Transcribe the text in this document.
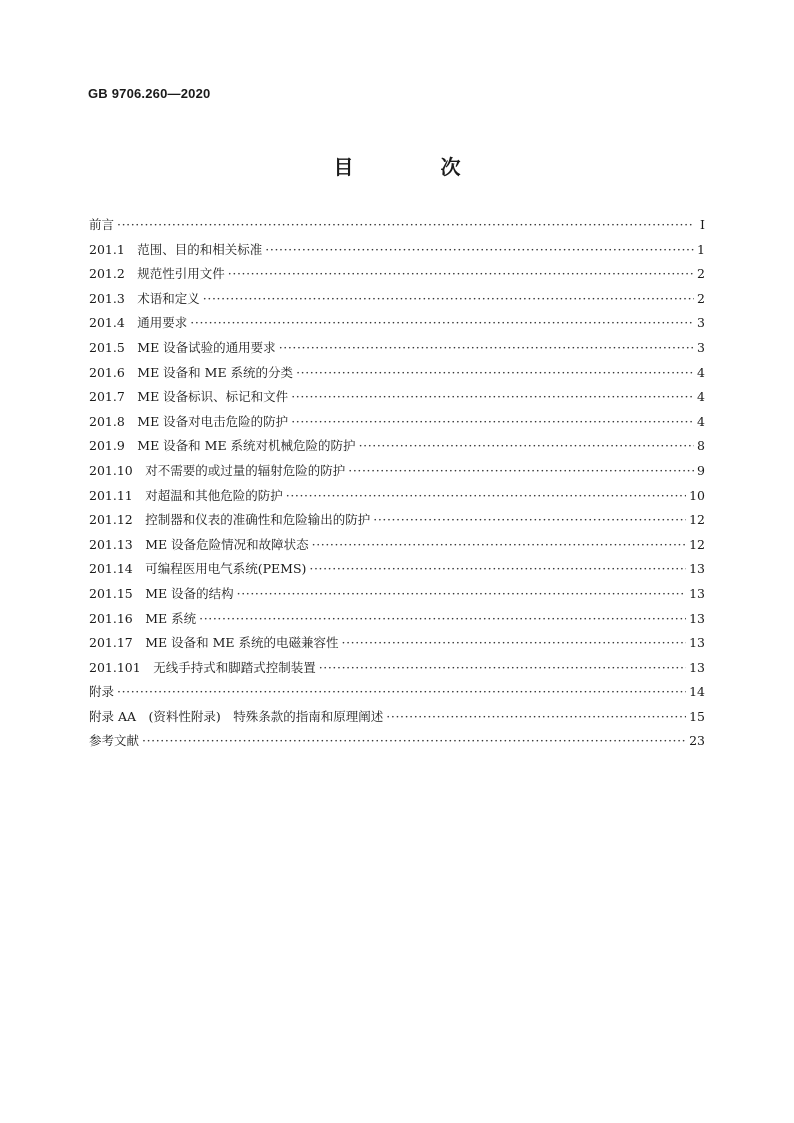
GB 9706.260—2020
目 次
前言 ·····	Ⅰ
201.1　范围、目的和相关标准 ·····	1
201.2　规范性引用文件 ·····	2
201.3　术语和定义 ·····	2
201.4　通用要求 ·····	3
201.5　ME 设备试验的通用要求 ·····	3
201.6　ME 设备和 ME 系统的分类 ·····	4
201.7　ME 设备标识、标记和文件 ·····	4
201.8　ME 设备对电击危险的防护 ·····	4
201.9　ME 设备和 ME 系统对机械危险的防护 ·····	8
201.10　对不需要的或过量的辐射危险的防护 ·····	9
201.11　对超温和其他危险的防护 ·····	10
201.12　控制器和仪表的准确性和危险输出的防护 ·····	12
201.13　ME 设备危险情况和故障状态 ·····	12
201.14　可编程医用电气系统(PEMS) ·····	13
201.15　ME 设备的结构 ·····	13
201.16　ME 系统 ·····	13
201.17　ME 设备和 ME 系统的电磁兼容性 ·····	13
201.101　无线手持式和脚踏式控制装置 ·····	13
附录 ·····	14
附录 AA　(资料性附录)　特殊条款的指南和原理阐述 ·····	15
参考文献 ·····	23
